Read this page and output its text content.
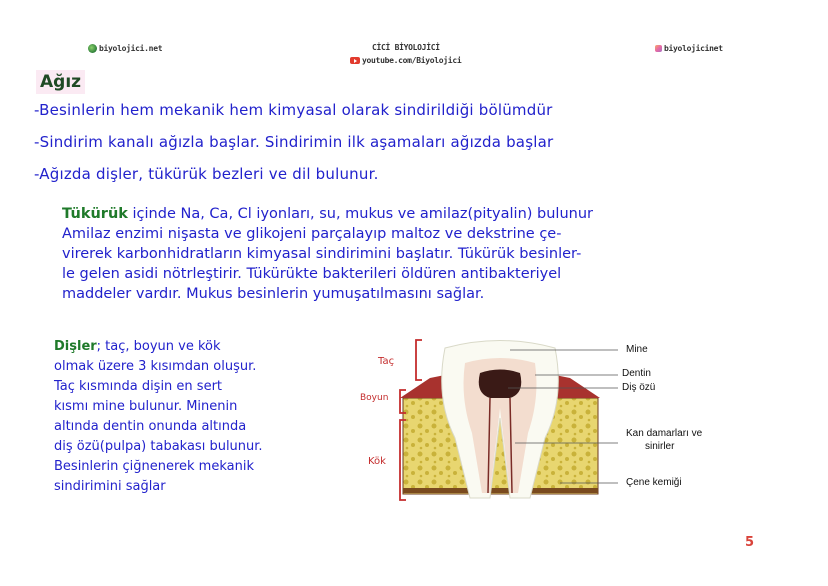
biyolojici.net	CİCİ BİYOLOJİCİ
youtube.com/Biyolojici
biyolojicinet
Ağız
-Besinlerin hem mekanik hem kimyasal olarak sindirildiği bölümdür
-Sindirim kanalı ağızla başlar. Sindirimin ilk aşamaları ağızda başlar
-Ağızda dişler, tükürük bezleri ve dil bulunur.
Tükürük içinde Na, Ca, Cl iyonları, su, mukus ve amilaz(pityalin) bulunur
Amilaz enzimi nişasta ve glikojeni parçalayıp maltoz ve dekstrine çe-
virerek karbonhidratların kimyasal sindirimini başlatır. Tükürük besinler-
le gelen asidi nötrleştirir. Tükürükte bakterileri öldüren antibakteriyel
maddeler vardır. Mukus besinlerin yumuşatılmasını sağlar.
Dişler; taç, boyun ve kök
olmak üzere 3 kısımdan oluşur.
Taç kısmında dişin en sert
kısmı mine bulunur. Minenin
altında dentin onunda altında
diş özü(pulpa) tabakası bulunur.
Besinlerin çiğnenerek mekanik
sindirimini sağlar
Taç
Boyun
Kök
Mine
Dentin
Diş özü
Kan damarları ve
sinirler
Çene kemiği
5
